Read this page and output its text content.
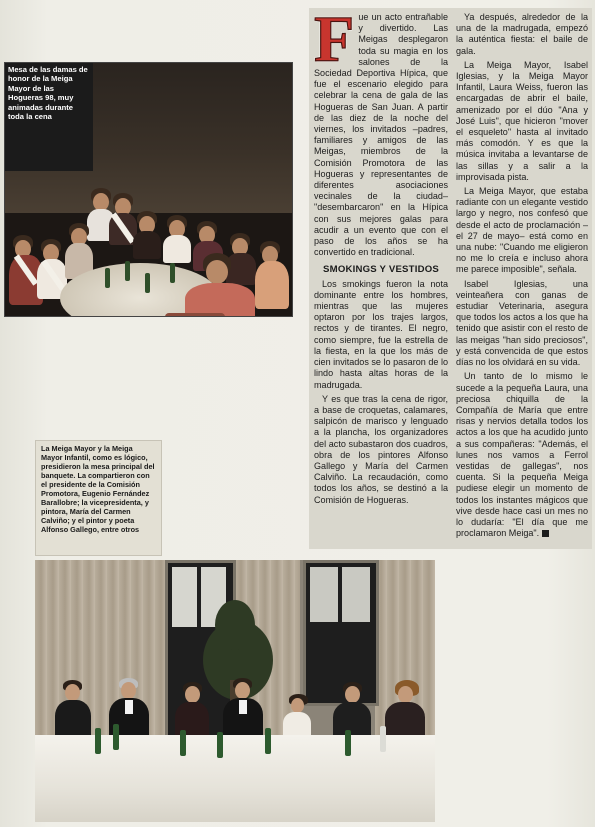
Mesa de las damas de honor de la Meiga Mayor de las Hogueras 98, muy animadas durante toda la cena

F ue un acto entrañable y divertido. Las Meigas desplegaron toda su magia en los salones de la Sociedad Deportiva Hípica, que fue el escenario elegido para celebrar la cena de gala de las Hogueras de San Juan. A partir de las diez de la noche del viernes, los invitados –padres, familiares y amigos de las Meigas, miembros de la Comisión Promotora de las Hogueras y representantes de diferentes asociaciones vecinales de la ciudad– "desembarcaron" en la Hípica con sus mejores galas para acudir a un evento que con el paso de los años se ha convertido en tradicional.

SMOKINGS Y VESTIDOS

Los smokings fueron la nota dominante entre los hombres, mientras que las mujeres optaron por los trajes largos, rectos y de tirantes. El negro, como siempre, fue la estrella de la fiesta, en la que los más de cien invitados se lo pasaron de lo lindo hasta altas horas de la madrugada.

Y es que tras la cena de rigor, a base de croquetas, calamares, salpicón de marisco y lenguado a la plancha, los organizadores del acto subastaron dos cuadros, obra de los pintores Alfonso Gallego y María del Carmen Calviño. La recaudación, como todos los años, se destinó a la Comisión de Hogueras.

Ya después, alrededor de la una de la madrugada, empezó la auténtica fiesta: el baile de gala.

La Meiga Mayor, Isabel Iglesias, y la Meiga Mayor Infantil, Laura Weiss, fueron las encargadas de abrir el baile, amenizado por el dúo "Ana y José Luis", que hicieron "mover el esqueleto" hasta al invitado más comodón. Y es que la música invitaba a levantarse de las sillas y a salir a la improvisada pista.

La Meiga Mayor, que estaba radiante con un elegante vestido largo y negro, nos confesó que desde el acto de proclamación –el 27 de mayo– está como en una nube: "Cuando me eligieron no me lo creía e incluso ahora me parece imposible", señala.

Isabel Iglesias, una veinteañera con ganas de estudiar Veterinaria, asegura que todos los actos a los que ha tenido que asistir con el resto de las meigas "han sido preciosos", y está convencida de que estos días no los olvidará en su vida.

Un tanto de lo mismo le sucede a la pequeña Laura, una preciosa chiquilla de la Compañía de María que entre risas y nervios detalla todos los actos a los que ha acudido junto a sus compañeras: "Además, el lunes nos vamos a Ferrol vestidas de gallegas", nos cuenta. Si la pequeña Meiga pudiese elegir un momento de todos los instantes mágicos que vive desde hace casi un mes no lo dudaría: "El día que me proclamaron Meiga".

La Meiga Mayor y la Meiga Mayor Infantil, como es lógico, presidieron la mesa principal del banquete. La compartieron con el presidente de la Comisión Promotora, Eugenio Fernández Barallobre; la vicepresidenta, y pintora, María del Carmen Calviño; y el pintor y poeta Alfonso Gallego, entre otros
